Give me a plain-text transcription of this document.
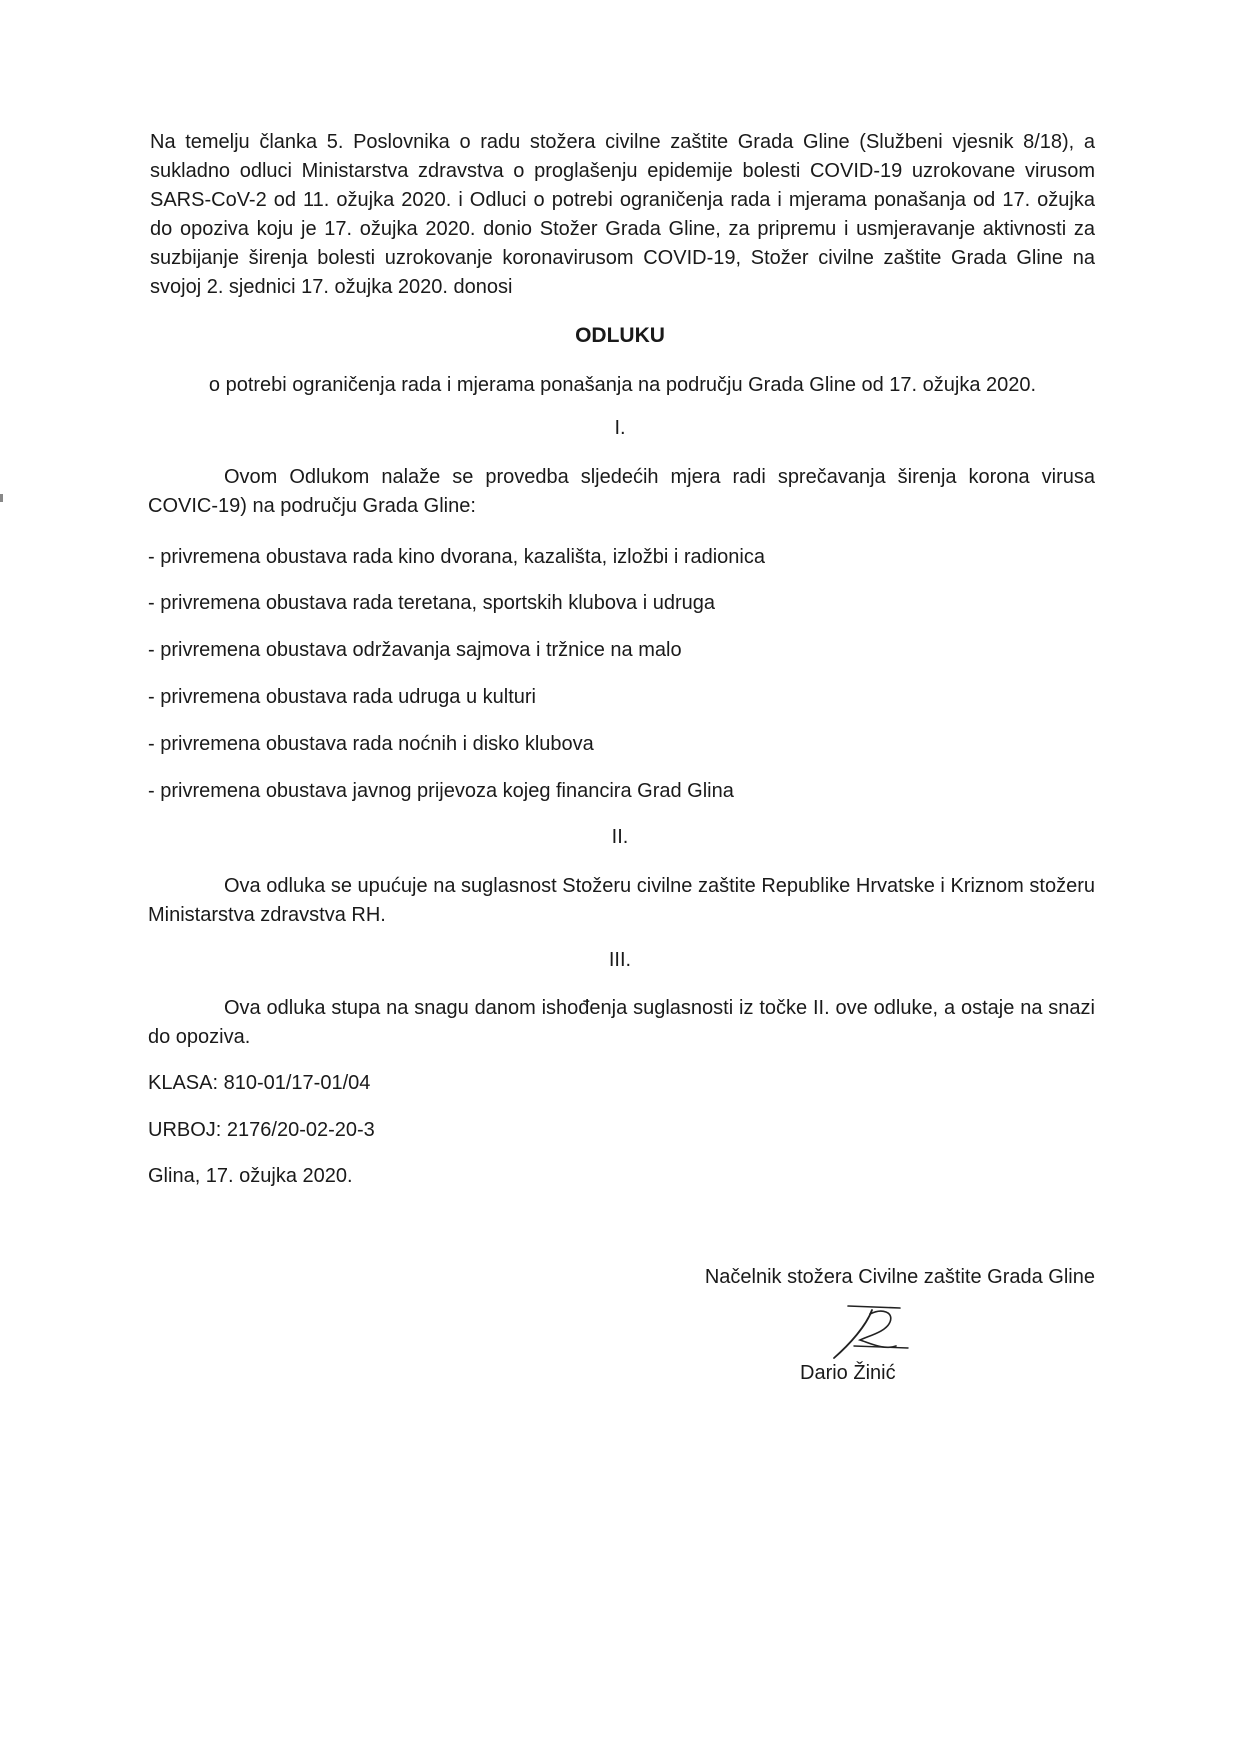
Na temelju članka 5. Poslovnika o radu stožera civilne zaštite Grada Gline (Službeni vjesnik 8/18), a sukladno odluci Ministarstva zdravstva o proglašenju epidemije bolesti COVID-19 uzrokovane virusom SARS-CoV-2 od 11. ožujka 2020. i Odluci o potrebi ograničenja rada i mjerama ponašanja od 17. ožujka do opoziva koju je 17. ožujka 2020. donio Stožer Grada Gline, za pripremu i usmjeravanje aktivnosti za suzbijanje širenja bolesti uzrokovanje koronavirusom COVID-19, Stožer civilne zaštite Grada Gline na svojoj 2. sjednici 17. ožujka 2020. donosi
ODLUKU
o potrebi ograničenja rada i mjerama ponašanja na području Grada Gline od 17. ožujka 2020.
I.
Ovom Odlukom nalaže se provedba sljedećih mjera radi sprečavanja širenja korona virusa COVIC-19) na području Grada Gline:
- privremena obustava rada kino dvorana, kazališta, izložbi i radionica
- privremena obustava rada teretana, sportskih klubova i udruga
- privremena obustava održavanja sajmova i tržnice na malo
- privremena obustava rada udruga u kulturi
- privremena obustava rada noćnih i disko klubova
- privremena obustava javnog prijevoza kojeg financira Grad Glina
II.
Ova odluka se upućuje na suglasnost Stožeru civilne zaštite Republike Hrvatske i Kriznom stožeru Ministarstva zdravstva RH.
III.
Ova odluka stupa na snagu danom ishođenja suglasnosti iz točke II. ove odluke, a ostaje na snazi do opoziva.
KLASA: 810-01/17-01/04
URBOJ: 2176/20-02-20-3
Glina, 17. ožujka 2020.
Načelnik stožera Civilne zaštite Grada Gline
Dario Žinić
